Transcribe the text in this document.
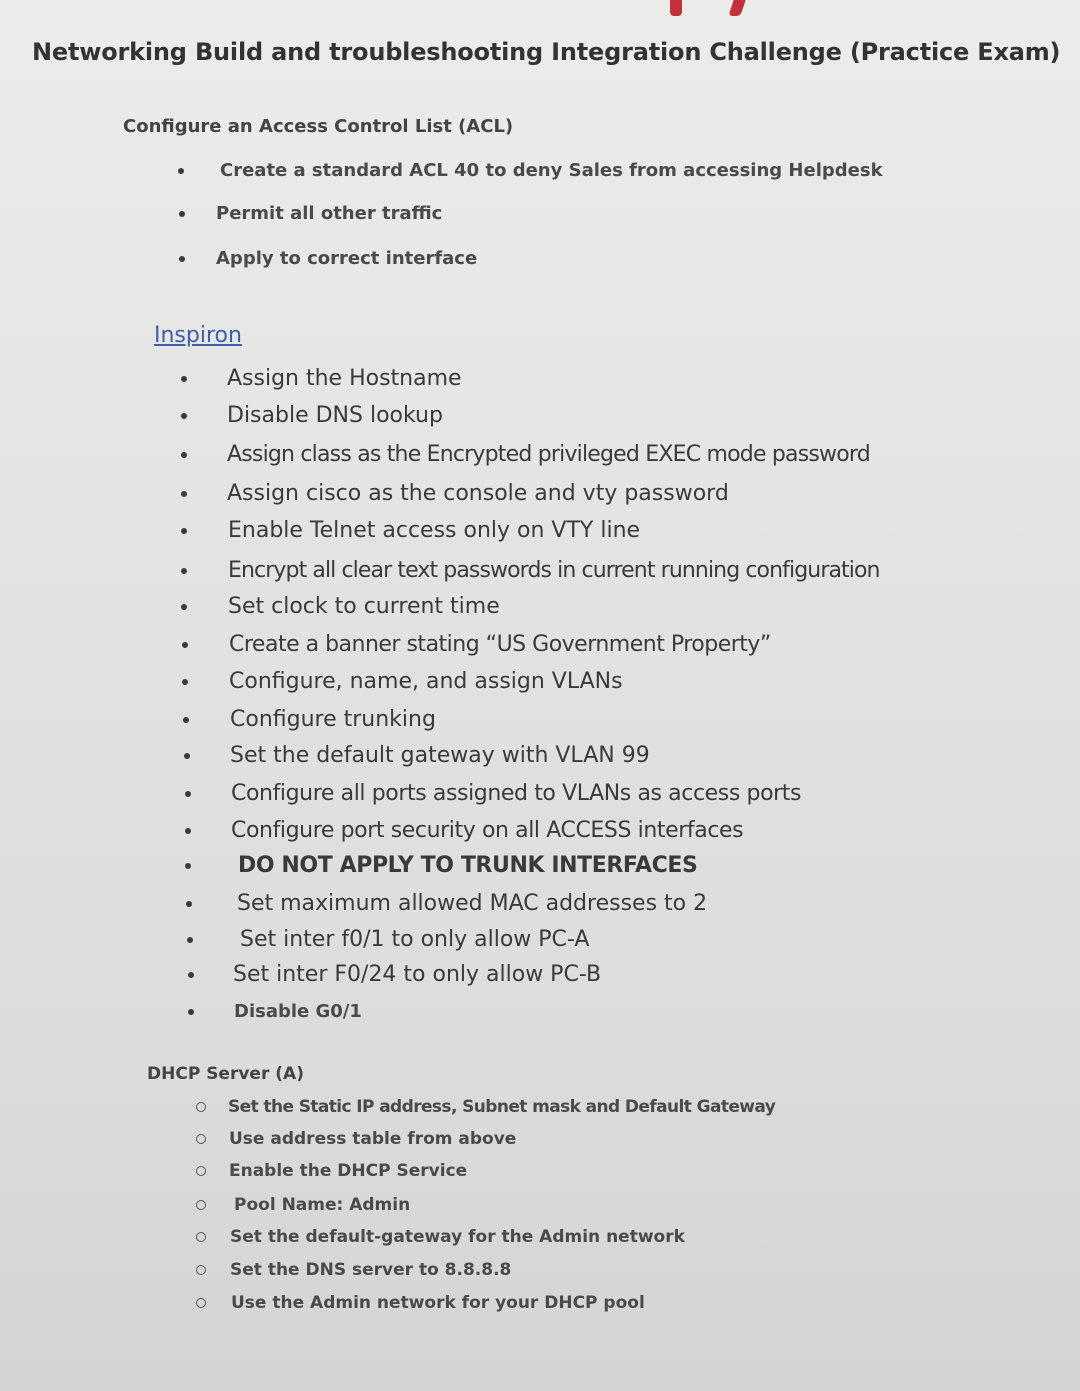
Networking Build and troubleshooting Integration Challenge (Practice Exam)
Configure an Access Control List (ACL)
Create a standard ACL 40 to deny Sales from accessing Helpdesk
Permit all other traffic
Apply to correct interface
Inspiron
Assign the Hostname
Disable DNS lookup
Assign class as the Encrypted privileged EXEC mode password
Assign cisco as the console and vty password
Enable Telnet access only on VTY line
Encrypt all clear text passwords in current running configuration
Set clock to current time
Create a banner stating “US Government Property”
Configure, name, and assign VLANs
Configure trunking
Set the default gateway with VLAN 99
Configure all ports assigned to VLANs as access ports
Configure port security on all ACCESS interfaces
DO NOT APPLY TO TRUNK INTERFACES
Set maximum allowed MAC addresses to 2
Set inter f0/1 to only allow PC-A
Set inter F0/24 to only allow PC-B
Disable G0/1
DHCP Server (A)
Set the Static IP address, Subnet mask and Default Gateway
Use address table from above
Enable the DHCP Service
Pool Name: Admin
Set the default-gateway for the Admin network
Set the DNS server to 8.8.8.8
Use the Admin network for your DHCP pool
